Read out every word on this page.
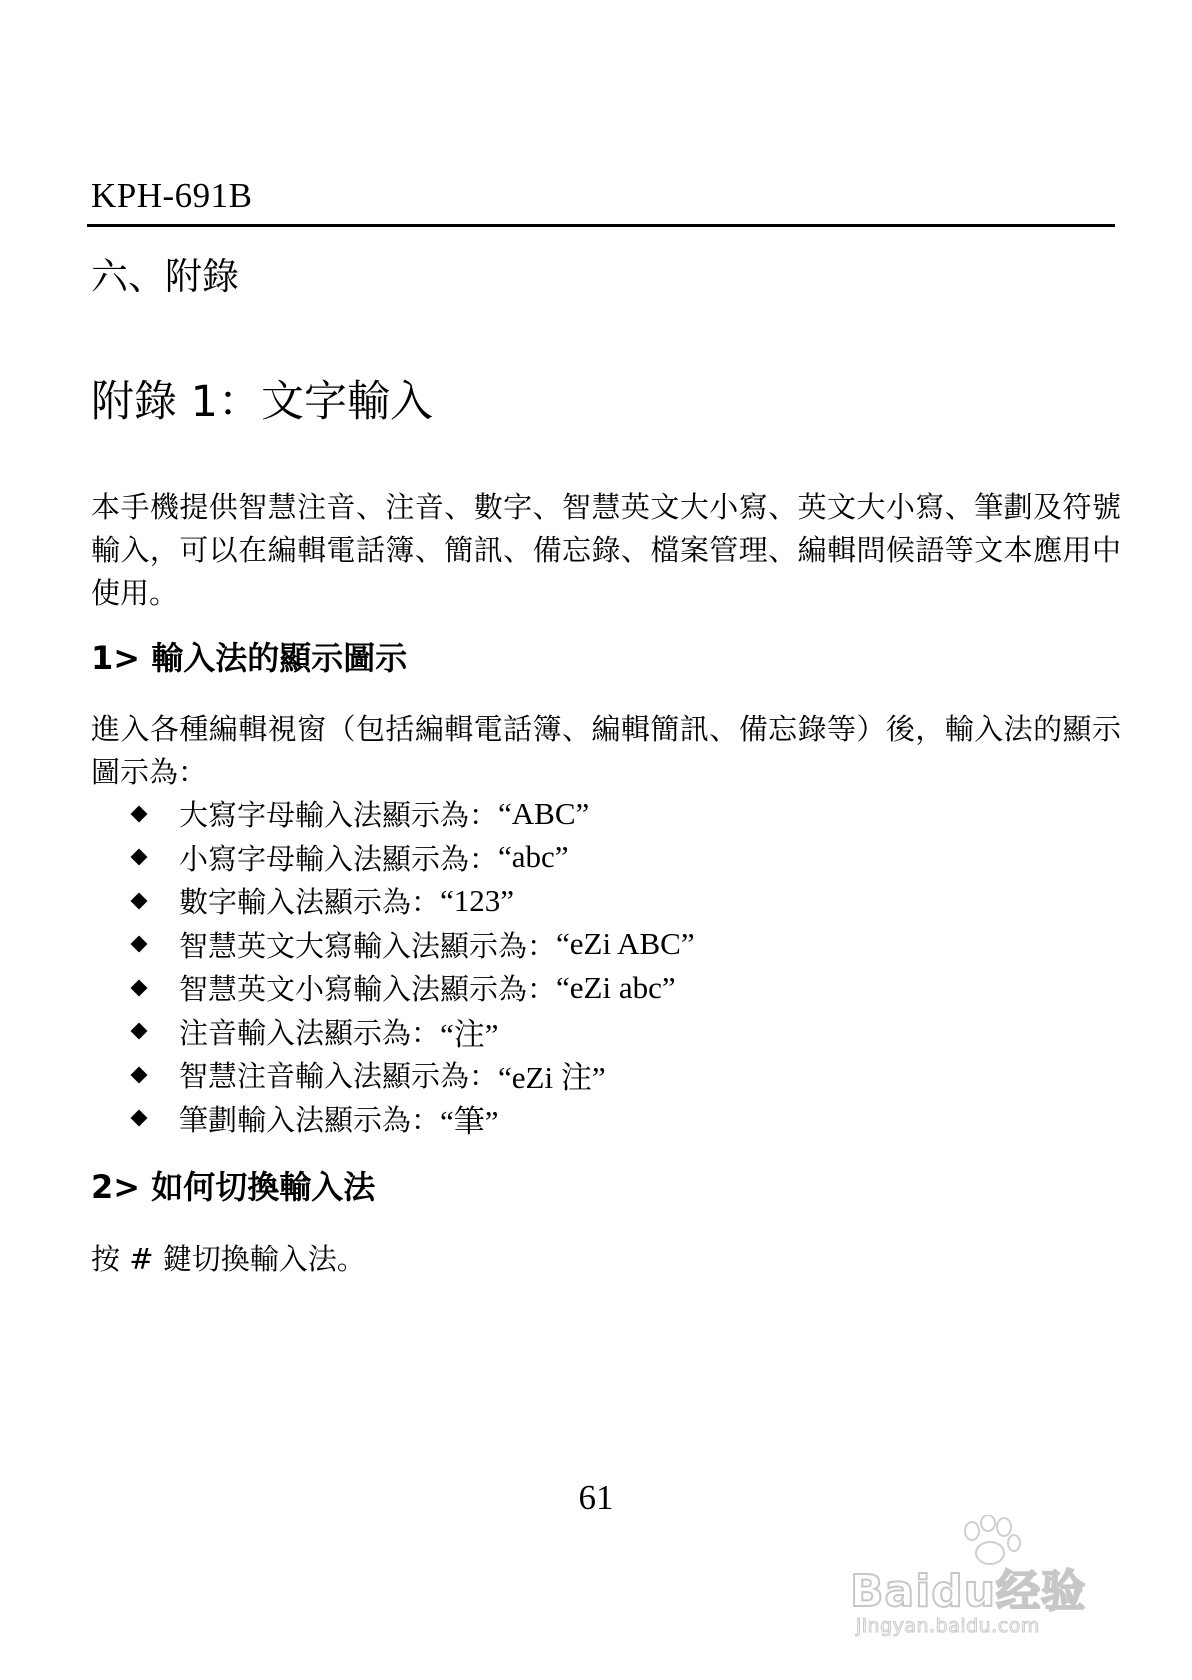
KPH-691B
六、附錄
附錄 1：文字輸入

本手機提供智慧注音、注音、數字、智慧英文大小寫、英文大小寫、筆劃及符號輸入，可以在編輯電話簿、簡訊、備忘錄、檔案管理、編輯問候語等文本應用中使用。

1> 輸入法的顯示圖示

進入各種編輯視窗（包括編輯電話簿、編輯簡訊、備忘錄等）後，輸入法的顯示圖示為：

大寫字母輸入法顯示為： “ABC”
小寫字母輸入法顯示為： “abc”
數字輸入法顯示為： “123”
智慧英文大寫輸入法顯示為： “eZi ABC”
智慧英文小寫輸入法顯示為： “eZi abc”
注音輸入法顯示為： “注”
智慧注音輸入法顯示為： “eZi 注”
筆劃輸入法顯示為： “筆”
2> 如何切換輸入法

按 # 鍵切換輸入法。

61
Baidu经验
jingyan.baidu.com
